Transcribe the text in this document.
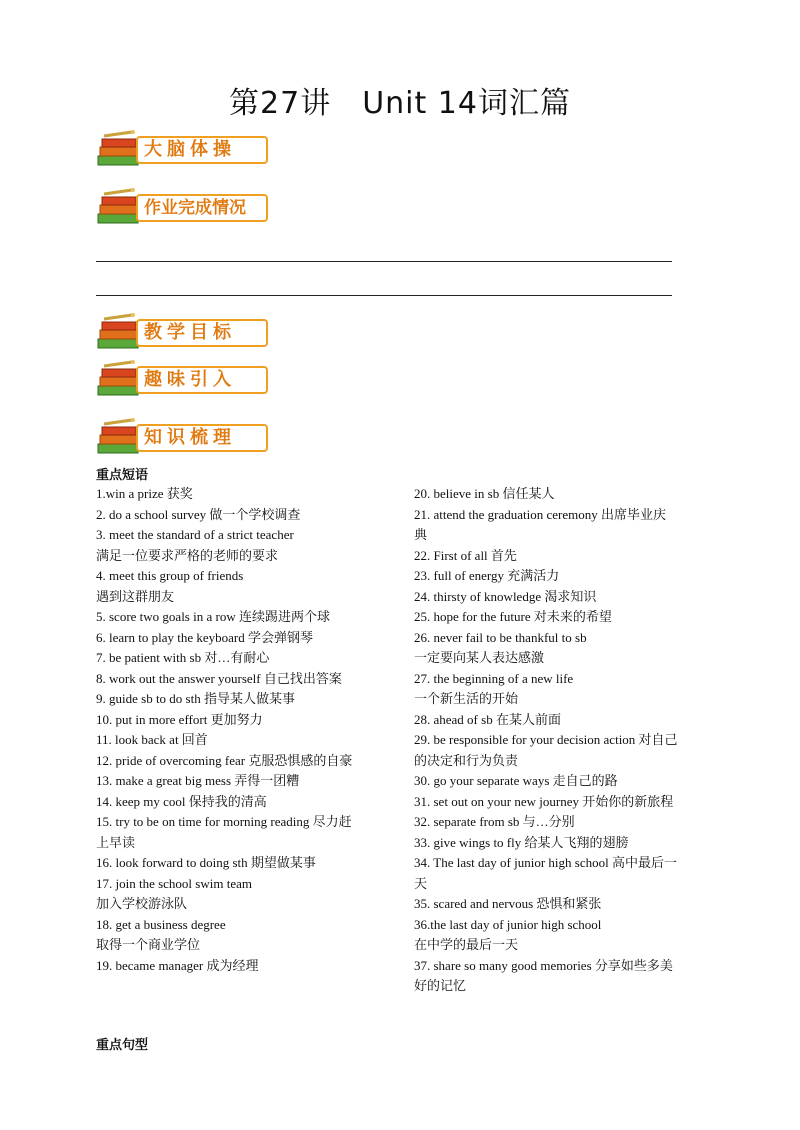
第27讲　Unit 14词汇篇
大脑体操
作业完成情况
教学目标
趣味引入
知识梳理
重点短语
1.win a prize 获奖
2. do a school survey 做一个学校调查
3. meet the standard of a strict teacher
满足一位要求严格的老师的要求
4. meet this group of friends
遇到这群朋友
5. score two goals in a row 连续踢进两个球
6. learn to play the keyboard 学会弹钢琴
7. be patient with sb 对…有耐心
8. work out the answer yourself 自己找出答案
9. guide sb to do sth 指导某人做某事
10. put in more effort 更加努力
11. look back at 回首
12. pride of overcoming fear 克服恐惧感的自豪
13. make a great big mess 弄得一团糟
14. keep my cool 保持我的清高
15. try to be on time for morning reading 尽力赶
上早读
16. look forward to doing sth 期望做某事
17. join the school swim team
加入学校游泳队
18. get a business degree
取得一个商业学位
19. became manager 成为经理
20. believe in sb 信任某人
21. attend the graduation ceremony 出席毕业庆
典
22. First of all 首先
23. full of energy 充满活力
24. thirsty of knowledge 渴求知识
25. hope for the future 对未来的希望
26. never fail to be thankful to sb
一定要向某人表达感激
27. the beginning of a new life
一个新生活的开始
28. ahead of sb 在某人前面
29. be responsible for your decision action 对自己
的决定和行为负责
30. go your separate ways 走自己的路
31. set out on your new journey 开始你的新旅程
32. separate from sb 与…分别
33. give wings to fly 给某人飞翔的翅膀
34. The last day of junior high school 高中最后一
天
35. scared and nervous 恐惧和紧张
36.the last day of junior high school
在中学的最后一天
37. share so many good memories 分享如些多美
好的记忆
重点句型
